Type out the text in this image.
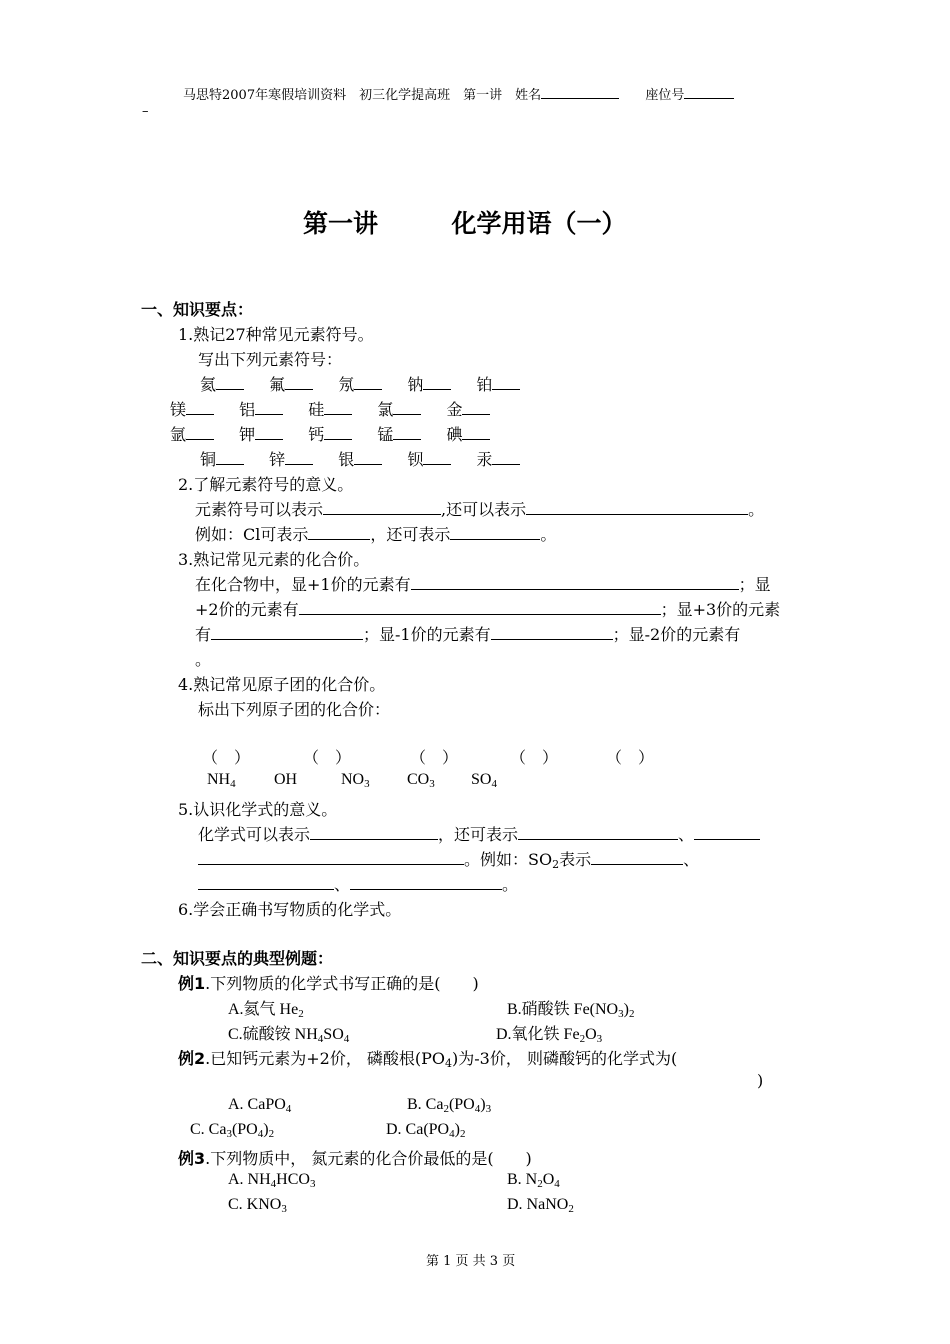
马思特2007年寒假培训资料　初三化学提高班　第一讲　姓名	座位号
–
第一讲	化学用语（一）
一、知识要点：
1.熟记27种常见元素符号。
写出下列元素符号：
氦	氟	氖	钠	铂
镁	铝	硅	氯	金
氩	钾	钙	锰	碘
铜	锌	银	钡	汞
2.了解元素符号的意义。
元素符号可以表示	,还可以表示	。
例如：Cl可表示	，还可表示	。
3.熟记常见元素的化合价。
在化合物中，显+1价的元素有	；显
+2价的元素有	；显+3价的元素
有	；显-1价的元素有	；显-2价的元素有
。
4.熟记常见原子团的化合价。
标出下列原子团的化合价：
（　）	（　）	（　）	（　）	（　）
$NH_4$ OH	$NO_3$ $CO_3$ $SO_4$
5.认识化学式的意义。
化学式可以表示	，还可表示	、
。例如：$SO_2$表示	、
、	。
6.学会正确书写物质的化学式。
二、知识要点的典型例题：
例1.下列物质的化学式书写正确的是(　　)
A.氦气 $He_2$	B.硝酸铁 $Fe(NO_3)_2$
C.硫酸铵 $NH_4SO_4$	D.氧化铁 $Fe_2O_3$
例2.已知钙元素为+2价， 磷酸根$(PO_4)$为-3价， 则磷酸钙的化学式为(
)
A. CaPO$_4$	B. $Ca_2(PO_4)_3$
C. $Ca_3(PO_4)_2$	D. $Ca(PO_4)_2$
例3.下列物质中， 氮元素的化合价最低的是(　　)
A. $NH_4HCO_3$	B. $N_2O_4$
C. $KNO_3$	D. NaNO$_2$
第 1 页 共 3 页
